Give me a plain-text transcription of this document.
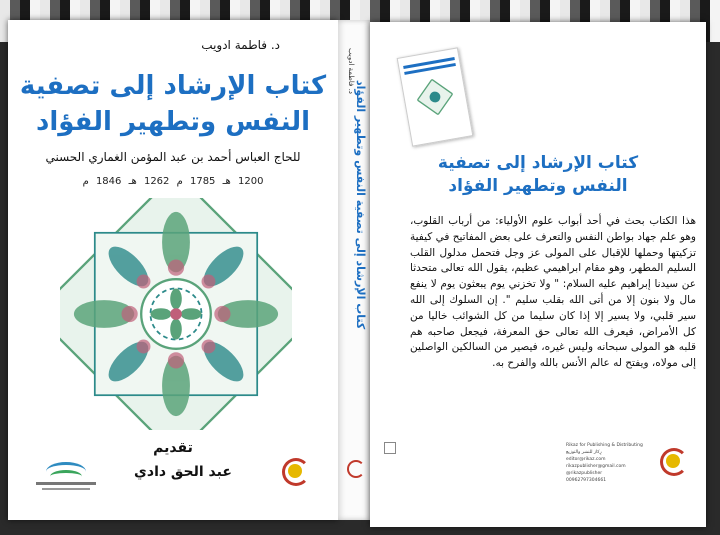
د. فاطمة ادويب
كتاب الإرشاد إلى تصفية
النفس وتطهير الفؤاد
للحاج العباس أحمد بن عبد المؤمن الغماري الحسني
1200 هـ 1785 م 1262 هـ 1846 م
تقديم
عبد الحق دادي
د. فاطمة ادويب
كتاب الإرشاد إلى تصفية النفس وتطهير الفؤاد	كتاب الإرشاد إلى تصفية
النفس وتطهير الفؤاد
هذا الكتاب بحث في أحد أبواب علوم الأولياء: من أرباب القلوب، وهو علم جهاد بواطن النفس والتعرف على بعض المفاتيح في كيفية تزكيتها وحملها للإقبال على المولى عز وجل فتحمل مدلول القلب السليم المطهر، وهو مقام ابراهيمي عظيم، يقول الله تعالى متحدثا عن سيدنا إبراهيم عليه السلام: " ولا تخزني يوم يبعثون يوم لا ينفع مال ولا بنون إلا من أتى الله بقلب سليم ". إن السلوك إلى الله سير قلبي، ولا يسير إلا إذا كان سليما من كل الشوائب خاليا من كل الأمراض، فيعرف الله تعالى حق المعرفة، فيجعل صاحبه هم قلبه هو المولى سبحانه وليس غيره، فيصير من السالكين الواصلين إلى مولاه، ويفتح له عالم الأنس بالله والفرح به.
Rikaz for Publishing & Distributing
رِكاز للنشر والتوزيع
editor@rikaz.com
rikazpublisher@gmail.com
@rikazpublisher
00962797304661
